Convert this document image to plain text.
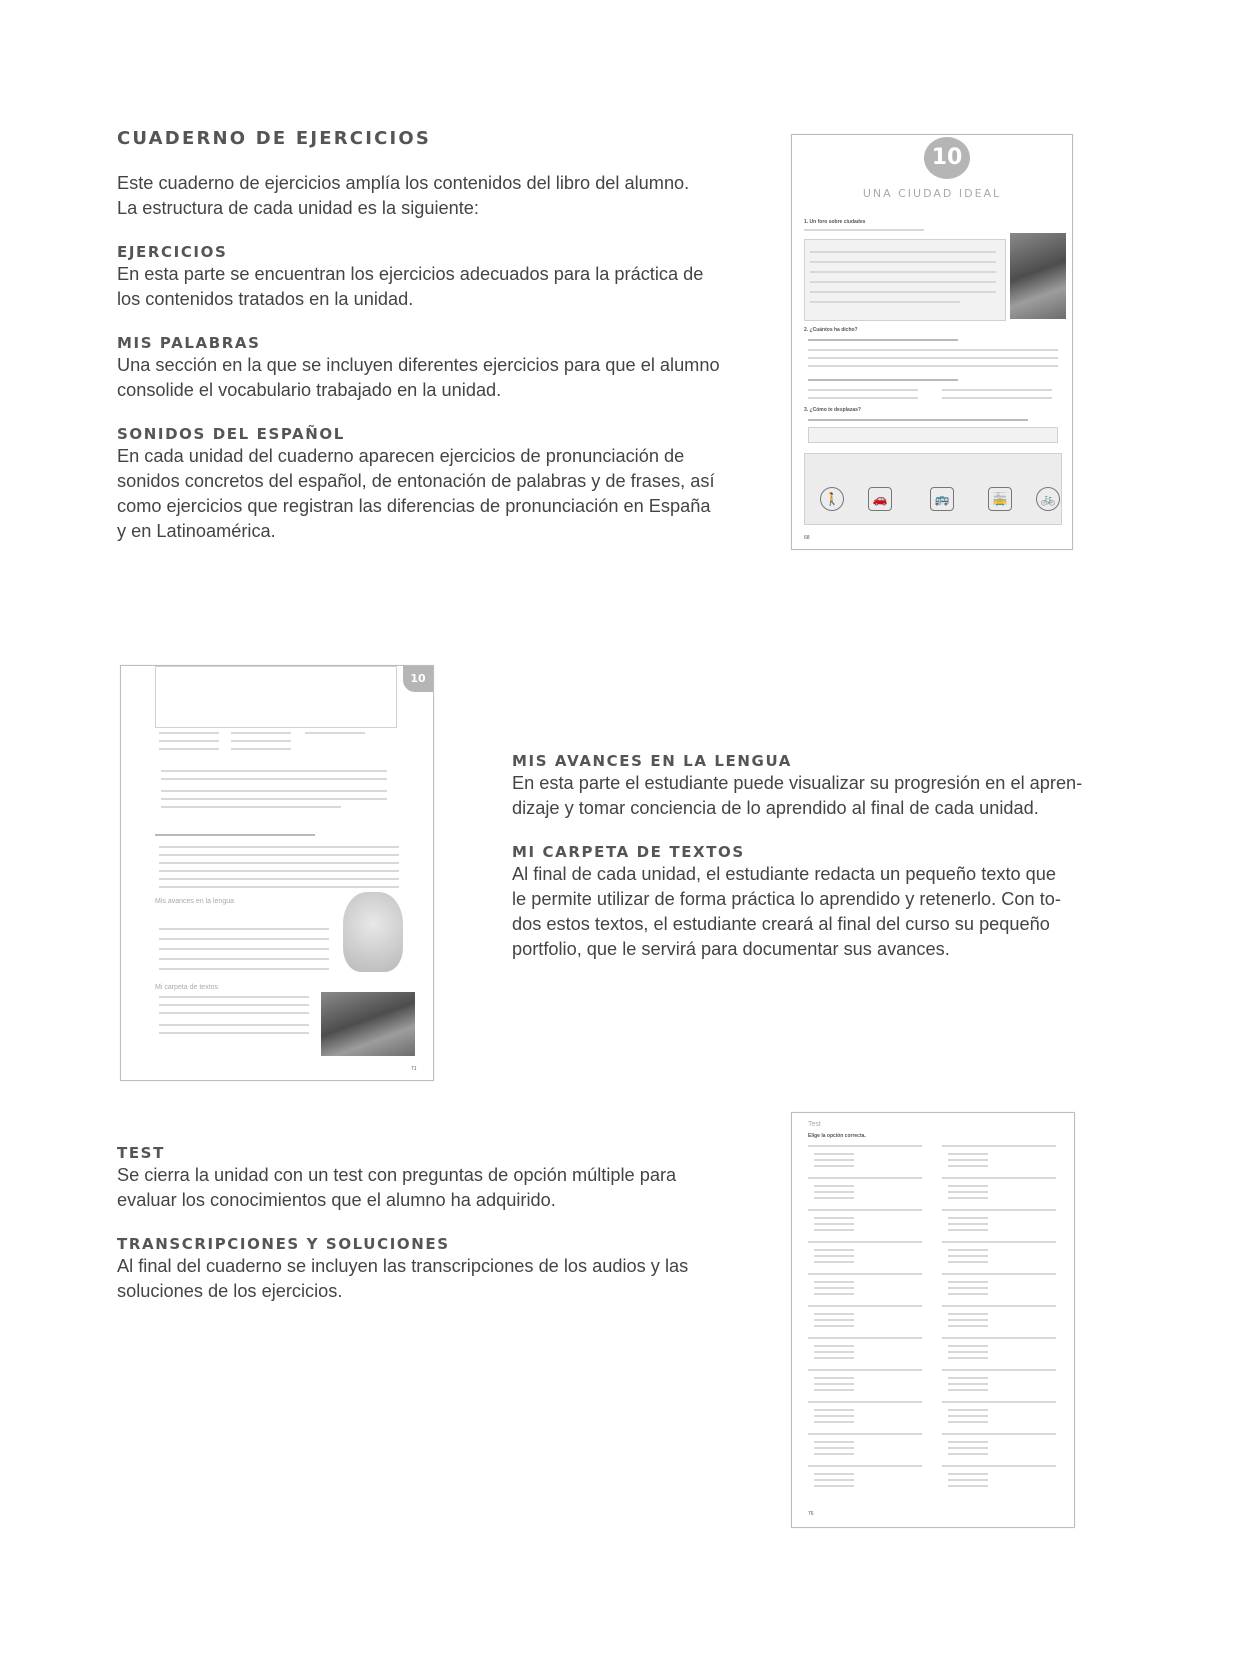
CUADERNO DE EJERCICIOS

Este cuaderno de ejercicios amplía los contenidos del libro del alumno.

La estructura de cada unidad es la siguiente:

EJERCICIOS

En esta parte se encuentran los ejercicios adecuados para la práctica de

los contenidos tratados en la unidad.

MIS PALABRAS

Una sección en la que se incluyen diferentes ejercicios para que el alumno

consolide el vocabulario trabajado en la unidad.

SONIDOS DEL ESPAÑOL

En cada unidad del cuaderno aparecen ejercicios de pronunciación de

sonidos concretos del español, de entonación de palabras y de frases, así

como ejercicios que registran las diferencias de pronunciación en España

y en Latinoamérica.

MIS AVANCES EN LA LENGUA

En esta parte el estudiante puede visualizar su progresión en el apren-

dizaje y tomar conciencia de lo aprendido al final de cada unidad.

MI CARPETA DE TEXTOS

Al final de cada unidad, el estudiante redacta un pequeño texto que

le permite utilizar de forma práctica lo aprendido y retenerlo. Con to-

dos estos textos, el estudiante creará al final del curso su pequeño

portfolio, que le servirá para documentar sus avances.

TEST

Se cierra la unidad con un test con preguntas de opción múltiple para

evaluar los conocimientos que el alumno ha adquirido.

TRANSCRIPCIONES Y SOLUCIONES

Al final del cuaderno se incluyen las transcripciones de los audios y las

soluciones de los ejercicios.

10
UNA CIUDAD IDEAL
1. Un foro sobre ciudades
2. ¿Cuántos ha dicho?
3. ¿Cómo te desplazas?
🚶	🚗	🚌	🚋	🚲
68
10
Mis avances en la lengua
Mi carpeta de textos
71
Test
Elige la opción correcta.
76
